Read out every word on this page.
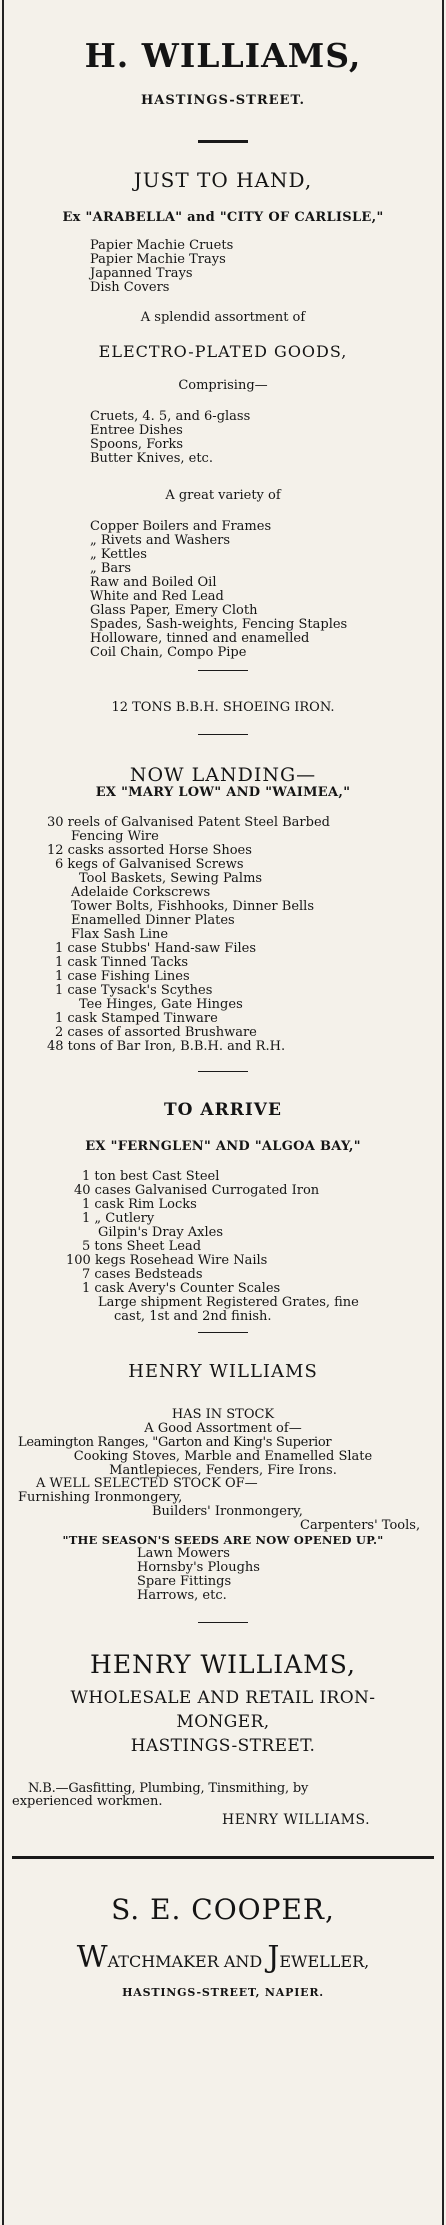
H. WILLIAMS,
HASTINGS-STREET.
JUST TO HAND,
Ex "ARABELLA" and "CITY OF CARLISLE,"
Papier Machie Cruets
Papier Machie Trays
Japanned Trays
Dish Covers
A splendid assortment of
ELECTRO-PLATED GOODS,
Comprising—
Cruets, 4. 5, and 6-glass
Entree Dishes
Spoons, Forks
Butter Knives, etc.
A great variety of
Copper Boilers and Frames
„ Rivets and Washers
„ Kettles
„ Bars
Raw and Boiled Oil
White and Red Lead
Glass Paper, Emery Cloth
Spades, Sash-weights, Fencing Staples
Holloware, tinned and enamelled
Coil Chain, Compo Pipe
12 TONS B.B.H. SHOEING IRON.
NOW LANDING—
EX "MARY LOW" AND "WAIMEA,"
30 reels of Galvanised Patent Steel Barbed
Fencing Wire
12 casks assorted Horse Shoes
6 kegs of Galvanised Screws
Tool Baskets, Sewing Palms
Adelaide Corkscrews
Tower Bolts, Fishhooks, Dinner Bells
Enamelled Dinner Plates
Flax Sash Line
1 case Stubbs' Hand-saw Files
1 cask Tinned Tacks
1 case Fishing Lines
1 case Tysack's Scythes
Tee Hinges, Gate Hinges
1 cask Stamped Tinware
2 cases of assorted Brushware
48 tons of Bar Iron, B.B.H. and R.H.
TO ARRIVE
EX "FERNGLEN" AND "ALGOA BAY,"
1 ton best Cast Steel
40 cases Galvanised Currogated Iron
1 cask Rim Locks
1 „ Cutlery
Gilpin's Dray Axles
5 tons Sheet Lead
100 kegs Rosehead Wire Nails
7 cases Bedsteads
1 cask Avery's Counter Scales
Large shipment Registered Grates, fine
cast, 1st and 2nd finish.
HENRY WILLIAMS
HAS IN STOCK
A Good Assortment of—
Leamington Ranges, "Garton and King's Superior
Cooking Stoves, Marble and Enamelled Slate
Mantlepieces, Fenders, Fire Irons.
A WELL SELECTED STOCK OF—
Furnishing Ironmongery,
Builders' Ironmongery,
Carpenters' Tools,
"THE SEASON'S SEEDS ARE NOW OPENED UP."
Lawn Mowers
Hornsby's Ploughs
Spare Fittings
Harrows, etc.
HENRY WILLIAMS,
WHOLESALE AND RETAIL IRON-
MONGER,
HASTINGS-STREET.
N.B.—Gasfitting, Plumbing, Tinsmithing, by
experienced workmen.
HENRY WILLIAMS.
S. E. COOPER,
WATCHMAKER AND JEWELLER,
HASTINGS-STREET, NAPIER.
